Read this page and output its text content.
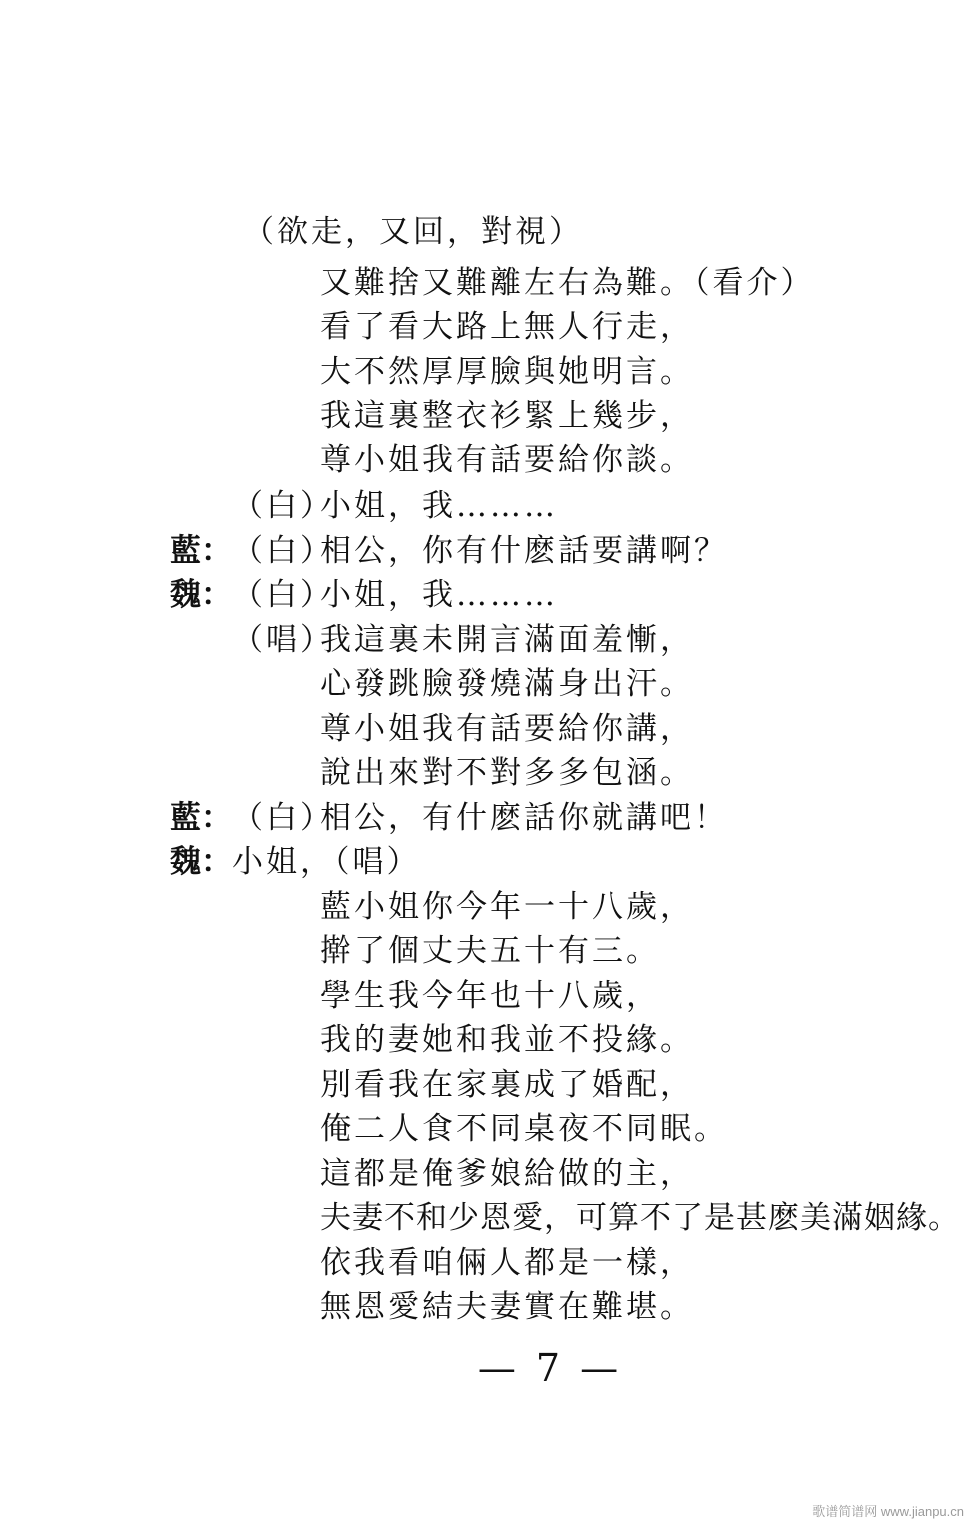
（欲走，又回，對視）
又難捨又難離左右為難。（看介）
看了看大路上無人行走，
大不然厚厚臉與她明言。
我這裏整衣衫緊上幾步，
尊小姐我有話要給你談。
（白）
小姐，我………
藍： （白）
相公，你有什麽話要講啊？
魏： （白）
小姐，我………
（唱）
我這裏未開言滿面羞慚，
心發跳臉發燒滿身出汗。
尊小姐我有話要給你講，
說出來對不對多多包涵。
藍： （白）
相公，有什麽話你就講吧！
魏： 小姐，（唱）
藍小姐你今年一十八歲，
擀了個丈夫五十有三。
學生我今年也十八歲，
我的妻她和我並不投緣。
別看我在家裏成了婚配，
俺二人食不同桌夜不同眠。
這都是俺爹娘給做的主，
夫妻不和少恩愛，可算不了是甚麽美滿姻緣。
依我看咱倆人都是一樣，
無恩愛結夫妻實在難堪。
— 7 —
歌谱简谱网 www.jianpu.cn
